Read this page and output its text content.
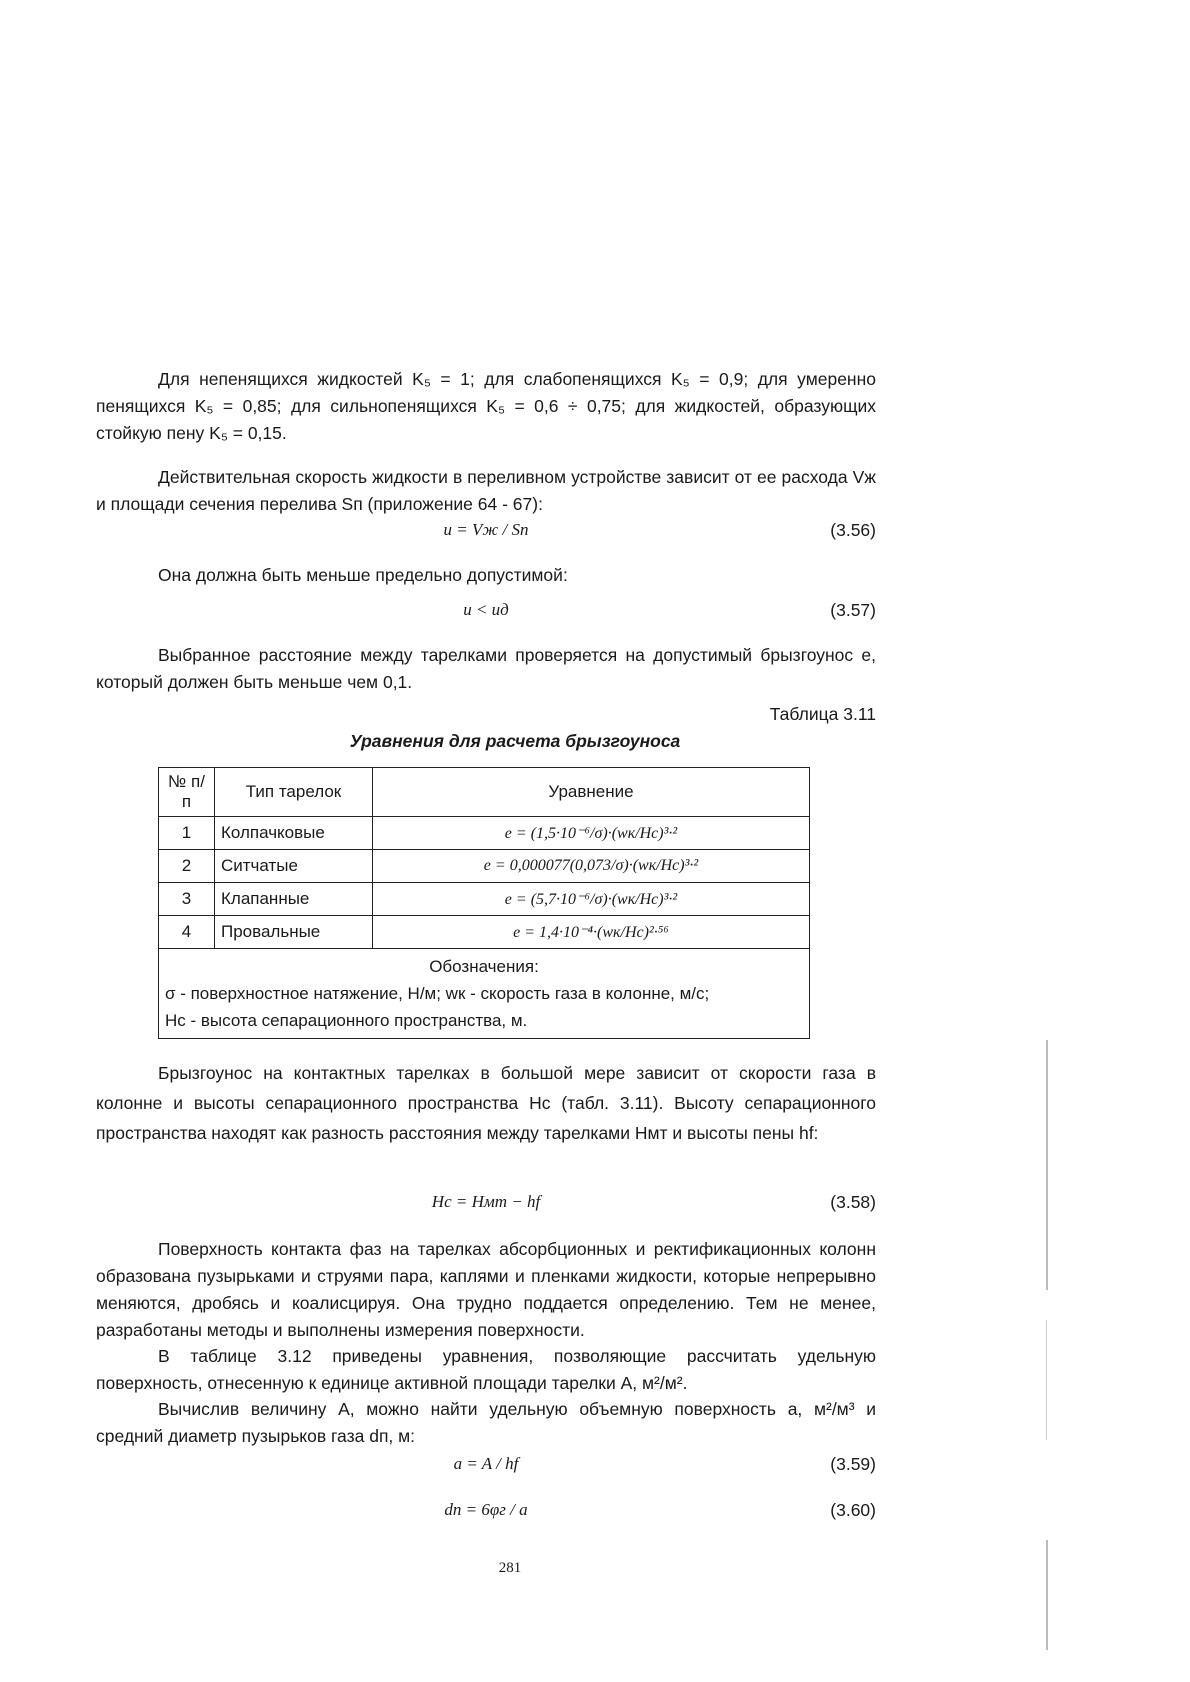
Для непенящихся жидкостей K₅ = 1; для слабопенящихся K₅ = 0,9; для умеренно пенящихся K₅ = 0,85; для сильнопенящихся K₅ = 0,6 ÷ 0,75; для жидкостей, образующих стойкую пену K₅ = 0,15.
Действительная скорость жидкости в переливном устройстве зависит от ее расхода Vж и площади сечения перелива Sп (приложение 64 - 67):
u = Vж / Sп	(3.56)
Она должна быть меньше предельно допустимой:
u < uд	(3.57)
Выбранное расстояние между тарелками проверяется на допустимый брызгоунос e, который должен быть меньше чем 0,1.
Таблица 3.11
Уравнения для расчета брызгоуноса
№ п/п	Тип тарелок	Уравнение
1	Колпачковые	e = (1,5·10⁻⁶/σ)·(wк/Hс)³·²
2	Ситчатые	e = 0,000077(0,073/σ)·(wк/Hс)³·²
3	Клапанные	e = (5,7·10⁻⁶/σ)·(wк/Hс)³·²
4	Провальные	e = 1,4·10⁻⁴·(wк/Hс)²·⁵⁶

Обозначения:
σ - поверхностное натяжение, Н/м; wк - скорость газа в колонне, м/с;
Hс - высота сепарационного пространства, м.		
Брызгоунос на контактных тарелках в большой мере зависит от скорости газа в колонне и высоты сепарационного пространства Hс (табл. 3.11). Высоту сепарационного пространства находят как разность расстояния между тарелками Hмт и высоты пены hf:
Hс = Hмт − hf	(3.58)
Поверхность контакта фаз на тарелках абсорбционных и ректификационных колонн образована пузырьками и струями пара, каплями и пленками жидкости, которые непрерывно меняются, дробясь и коалисцируя. Она трудно поддается определению. Тем не менее, разработаны методы и выполнены измерения поверхности.
В таблице 3.12 приведены уравнения, позволяющие рассчитать удельную поверхность, отнесенную к единице активной площади тарелки A, м²/м².
Вычислив величину A, можно найти удельную объемную поверхность a, м²/м³ и средний диаметр пузырьков газа dп, м:
a = A / hf	(3.59)
dп = 6φг / a	(3.60)
281
